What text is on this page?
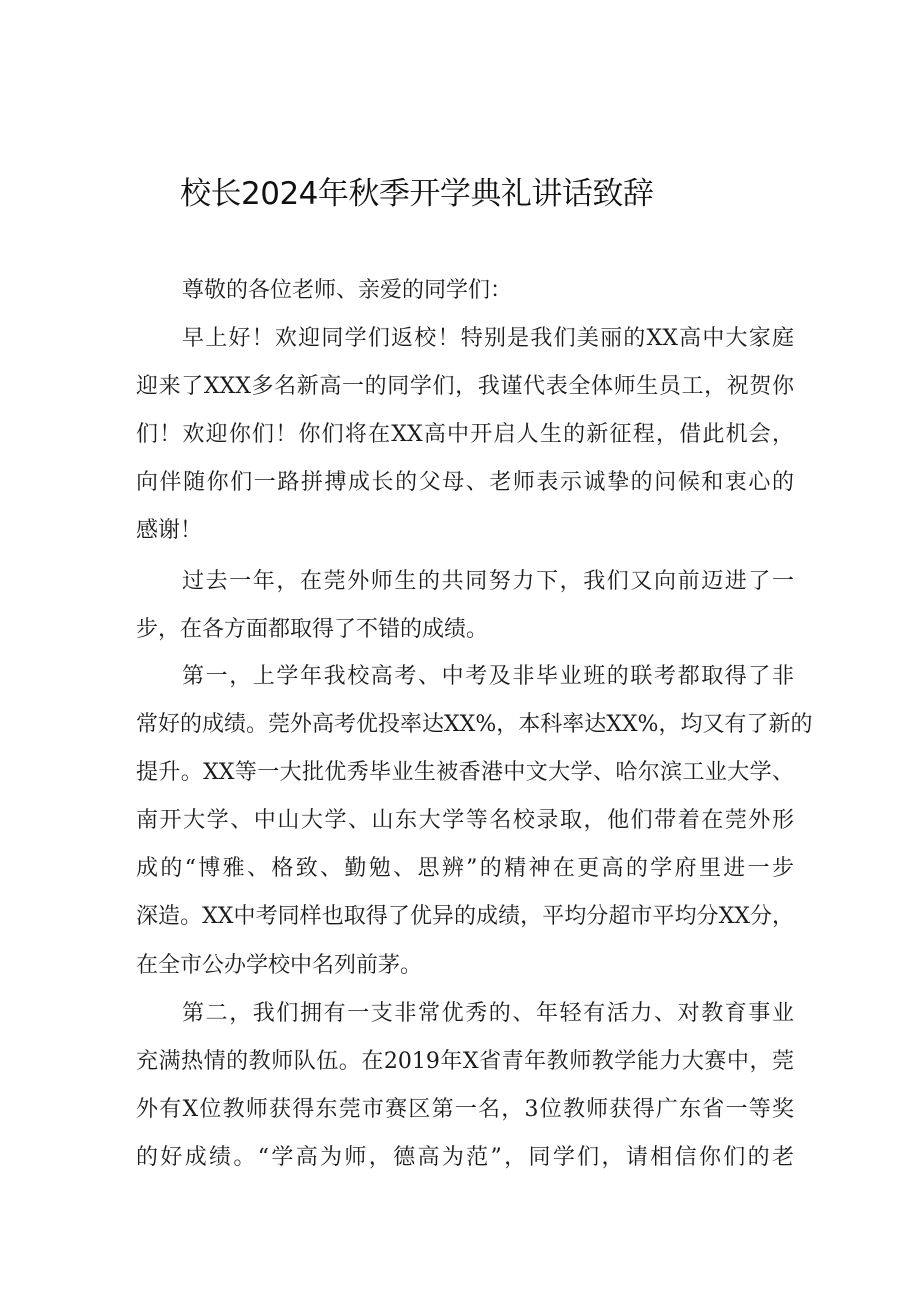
校长2024年秋季开学典礼讲话致辞

尊敬的各位老师、亲爱的同学们：

早上好！欢迎同学们返校！特别是我们美丽的XX高中大家庭

迎来了XXX多名新高一的同学们，我谨代表全体师生员工，祝贺你

们！欢迎你们！你们将在XX高中开启人生的新征程，借此机会，

向伴随你们一路拼搏成长的父母、老师表示诚挚的问候和衷心的

感谢！

过去一年，在莞外师生的共同努力下，我们又向前迈进了一

步，在各方面都取得了不错的成绩。

第一，上学年我校高考、中考及非毕业班的联考都取得了非

常好的成绩。莞外高考优投率达XX%，本科率达XX%，均又有了新的

提升。XX等一大批优秀毕业生被香港中文大学、哈尔滨工业大学、

南开大学、中山大学、山东大学等名校录取，他们带着在莞外形

成的“博雅、格致、勤勉、思辨”的精神在更高的学府里进一步

深造。XX中考同样也取得了优异的成绩，平均分超市平均分XX分，

在全市公办学校中名列前茅。

第二，我们拥有一支非常优秀的、年轻有活力、对教育事业

充满热情的教师队伍。在2019年X省青年教师教学能力大赛中，莞

外有X位教师获得东莞市赛区第一名，3位教师获得广东省一等奖

的好成绩。“学高为师，德高为范”，同学们，请相信你们的老
